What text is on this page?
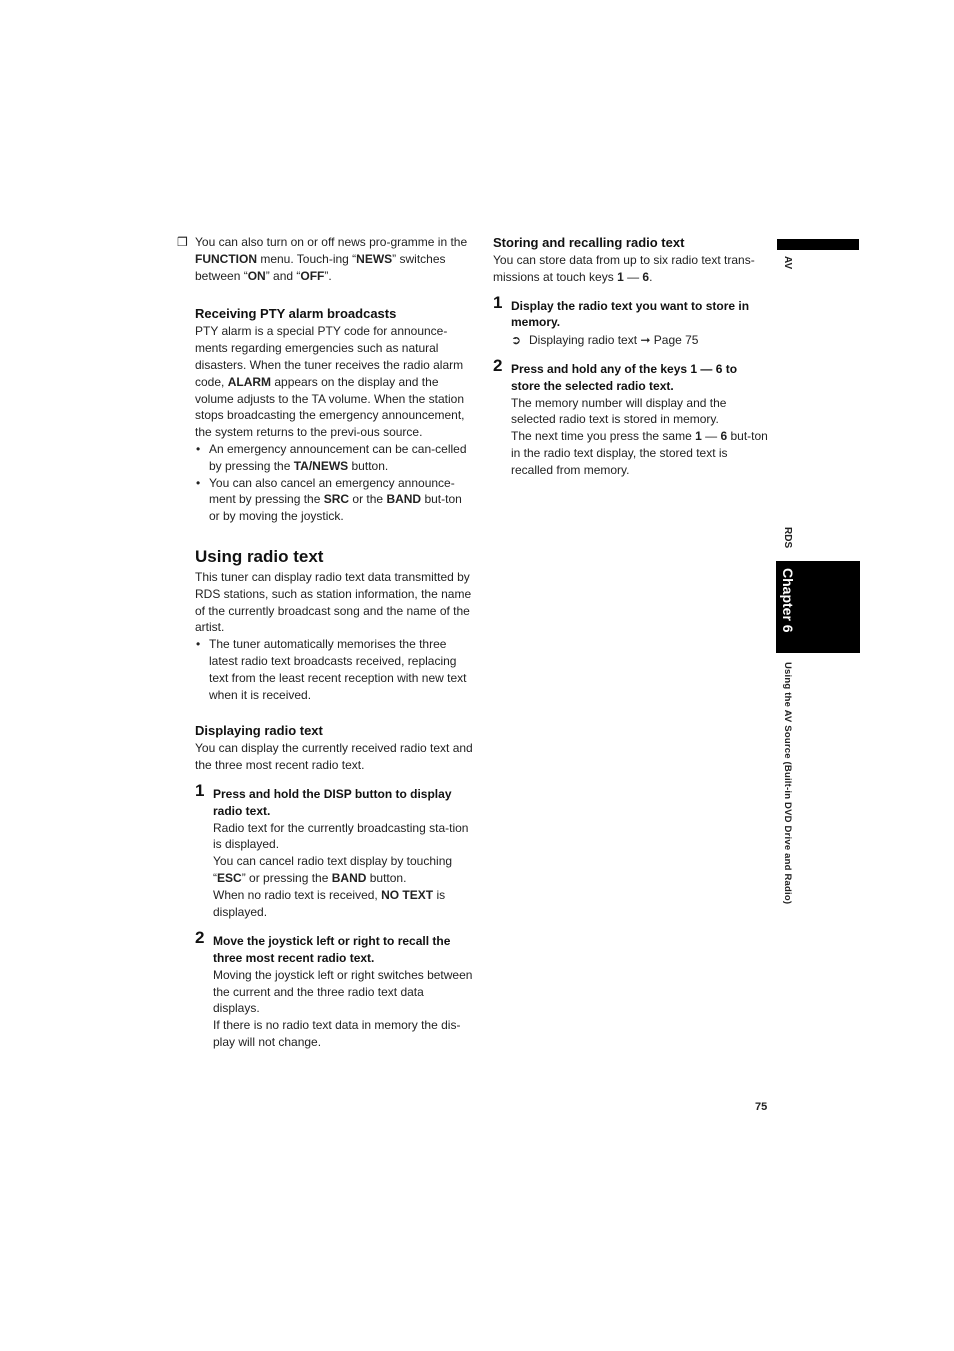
❒ You can also turn on or off news pro-gramme in the FUNCTION menu. Touch-ing “NEWS” switches between “ON” and “OFF”.

Receiving PTY alarm broadcasts

PTY alarm is a special PTY code for announce-ments regarding emergencies such as natural disasters. When the tuner receives the radio alarm code, ALARM appears on the display and the volume adjusts to the TA volume. When the station stops broadcasting the emergency announcement, the system returns to the previ-ous source.

• An emergency announcement can be can-celled by pressing the TA/NEWS button.

• You can also cancel an emergency announce-ment by pressing the SRC or the BAND but-ton or by moving the joystick.

Using radio text

This tuner can display radio text data transmitted by RDS stations, such as station information, the name of the currently broadcast song and the name of the artist.

• The tuner automatically memorises the three latest radio text broadcasts received, replacing text from the least recent reception with new text when it is received.

Displaying radio text

You can display the currently received radio text and the three most recent radio text.

1 Press and hold the DISP button to display radio text.

Radio text for the currently broadcasting sta-tion is displayed.

You can cancel radio text display by touching “ESC” or pressing the BAND button.

When no radio text is received, NO TEXT is displayed.

2 Move the joystick left or right to recall the three most recent radio text.

Moving the joystick left or right switches between the current and the three radio text data displays.

If there is no radio text data in memory the dis-play will not change.

Storing and recalling radio text

You can store data from up to six radio text trans-missions at touch keys 1 — 6.

1 Display the radio text you want to store in memory.

➲ Displaying radio text ➞ Page 75

2 Press and hold any of the keys 1 — 6 to store the selected radio text.

The memory number will display and the selected radio text is stored in memory.

The next time you press the same 1 — 6 but-ton in the radio text display, the stored text is recalled from memory.

AV
RDS
Chapter 6
Using the AV Source (Built-in DVD Drive and Radio)
75
